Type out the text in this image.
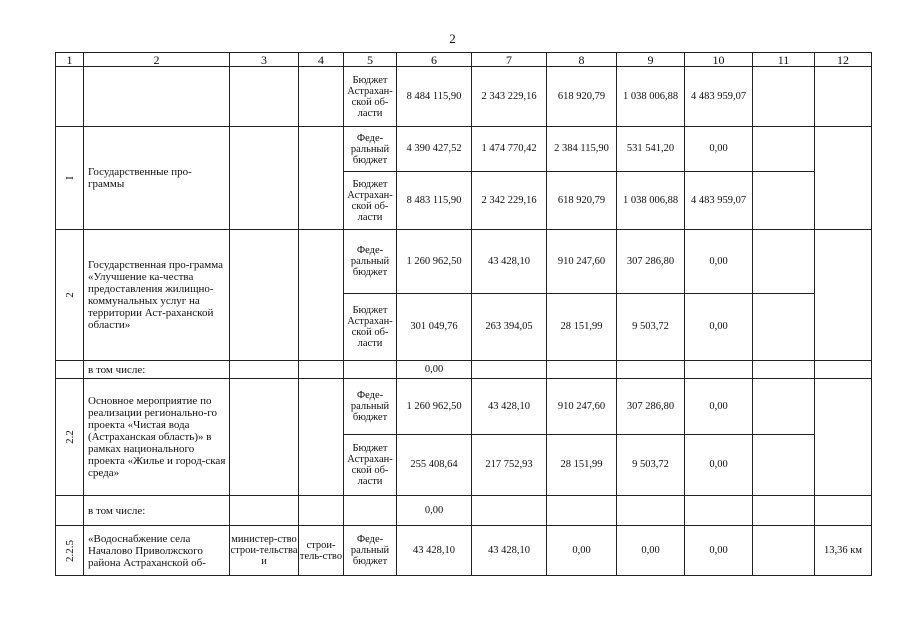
2
1	2	3	4	5	6	7	8	9	10	11	12
				Бюджет Астрахан-ской об-ласти	8 484 115,90	2 343 229,16	618 920,79	1 038 006,88	4 483 959,07		
I	Государственные про-граммы			Феде-ральный бюджет	4 390 427,52	1 474 770,42	2 384 115,90	531 541,20	0,00		
				Бюджет Астрахан-ской об-ласти	8 483 115,90	2 342 229,16	618 920,79	1 038 006,88	4 483 959,07		
2	Государственная про-грамма «Улучшение ка-чества предоставления жилищно-коммунальных услуг на территории Аст-раханской области»			Феде-ральный бюджет	1 260 962,50	43 428,10	910 247,60	307 286,80	0,00		
				Бюджет Астрахан-ской об-ласти	301 049,76	263 394,05	28 151,99	9 503,72	0,00		
	в том числе:				0,00						
2.2	Основное мероприятие по реализации регионально-го проекта «Чистая вода (Астраханская область)» в рамках национального проекта «Жилье и город-ская среда»			Феде-ральный бюджет	1 260 962,50	43 428,10	910 247,60	307 286,80	0,00		
				Бюджет Астрахан-ской об-ласти	255 408,64	217 752,93	28 151,99	9 503,72	0,00		
	в том числе:				0,00						
2.2.5	«Водоснабжение села Началово Приволжского района Астраханской об-	министер-ство строи-тельства и	строи-тель-ство	Феде-ральный бюджет	43 428,10	43 428,10	0,00	0,00	0,00		13,36 км
